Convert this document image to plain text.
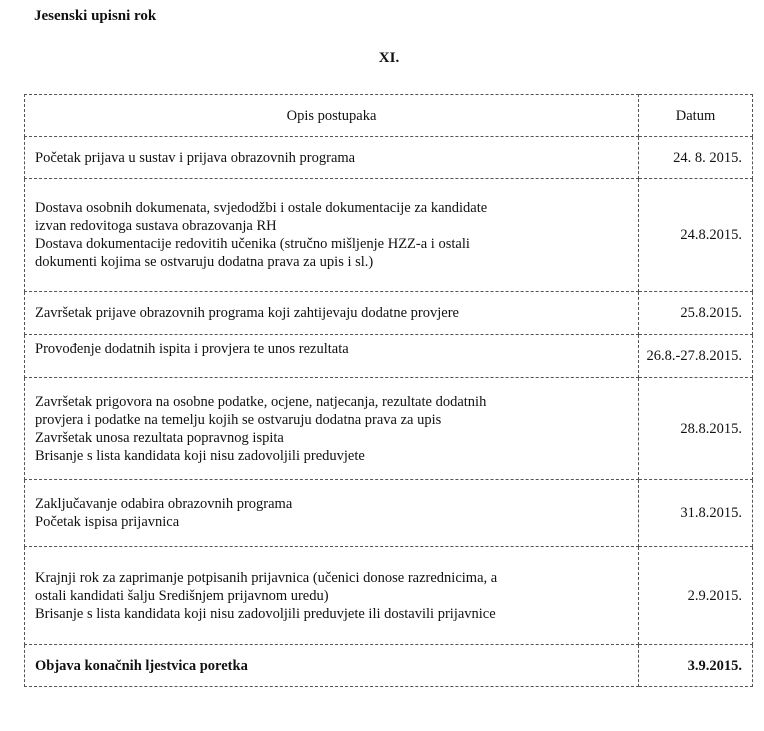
Jesenski upisni rok
XI.
Opis postupaka	Datum

Početak prijava u sustav i prijava obrazovnih programa	24. 8. 2015.

Dostava osobnih dokumenata, svjedodžbi i ostale dokumentacije za kandidate
izvan redovitoga sustava obrazovanja RH
Dostava dokumentacije redovitih učenika (stručno mišljenje HZZ-a i ostali
dokumenti kojima se ostvaruju dodatna prava za upis i sl.)	24.8.2015.

Završetak prijave obrazovnih programa koji zahtijevaju dodatne provjere	25.8.2015.

Provođenje dodatnih ispita i provjera te unos rezultata	26.8.-27.8.2015.

Završetak prigovora na osobne podatke, ocjene, natjecanja, rezultate dodatnih
provjera i podatke na temelju kojih se ostvaruju dodatna prava za upis
Završetak unosa rezultata popravnog ispita
Brisanje s lista kandidata koji nisu zadovoljili preduvjete	28.8.2015.

Zaključavanje odabira obrazovnih programa
Početak ispisa prijavnica	31.8.2015.

Krajnji rok za zaprimanje potpisanih prijavnica (učenici donose razrednicima, a
ostali kandidati šalju Središnjem prijavnom uredu)
Brisanje s lista kandidata koji nisu zadovoljili preduvjete ili dostavili prijavnice	2.9.2015.

Objava konačnih ljestvica poretka	3.9.2015.
